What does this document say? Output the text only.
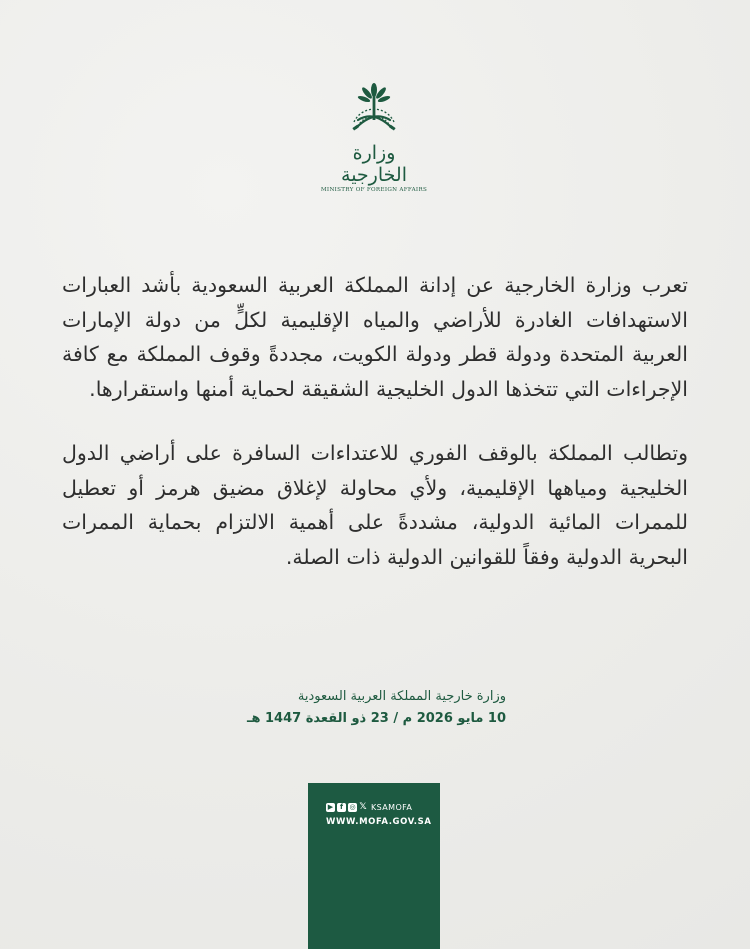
وزارة الخارجية
MINISTRY OF FOREIGN AFFAIRS

تعرب وزارة الخارجية عن إدانة المملكة العربية السعودية بأشد العبارات الاستهدافات الغادرة للأراضي والمياه الإقليمية لكلٍّ من دولة الإمارات العربية المتحدة ودولة قطر ودولة الكويت، مجددةً وقوف المملكة مع كافة الإجراءات التي تتخذها الدول الخليجية الشقيقة لحماية أمنها واستقرارها.

وتطالب المملكة بالوقف الفوري للاعتداءات السافرة على أراضي الدول الخليجية ومياهها الإقليمية، ولأي محاولة لإغلاق مضيق هرمز أو تعطيل للممرات المائية الدولية، مشددةً على أهمية الالتزام بحماية الممرات البحرية الدولية وفقاً للقوانين الدولية ذات الصلة.

وزارة خارجية المملكة العربية السعودية
10 مايو 2026 م / 23 ذو القعدة 1447 هـ
▶ f ◎ 𝕏 KSAMOFA
WWW.MOFA.GOV.SA
